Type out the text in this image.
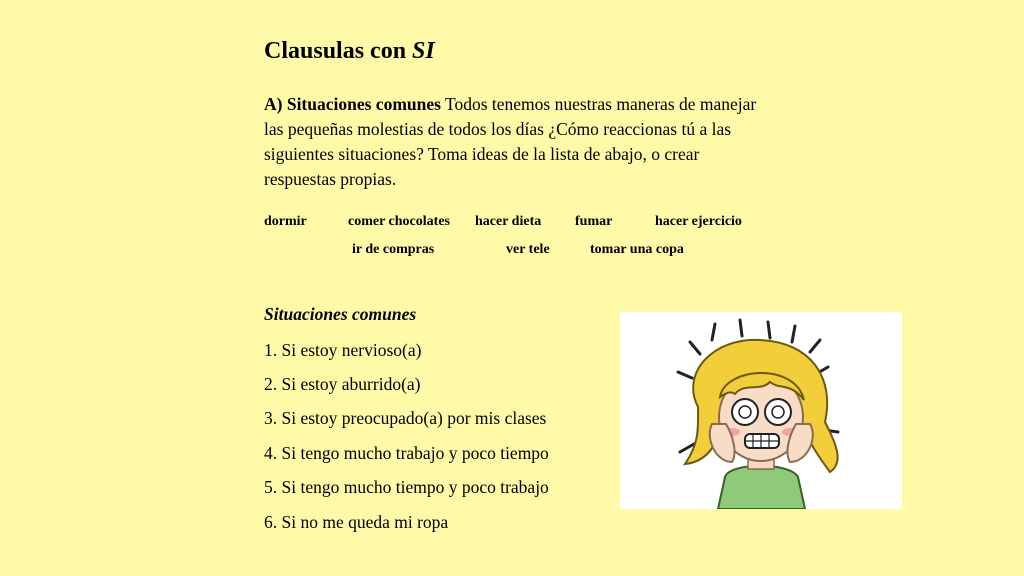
Clausulas con SI
A) Situaciones comunes Todos tenemos nuestras maneras de manejar las pequeñas molestias de todos los días ¿Cómo reaccionas tú a las siguientes situaciones? Toma ideas de la lista de abajo, o crear respuestas propias.
dormir	comer chocolates hacer dieta fumar	hacer ejercicio
ir de compras	ver tele	tomar una copa
Situaciones comunes
1. Si estoy nervioso(a)
2. Si estoy aburrido(a)
3. Si estoy preocupado(a) por mis clases
4. Si tengo mucho trabajo y poco tiempo
5. Si tengo mucho tiempo y poco trabajo
6. Si no me queda mi ropa
